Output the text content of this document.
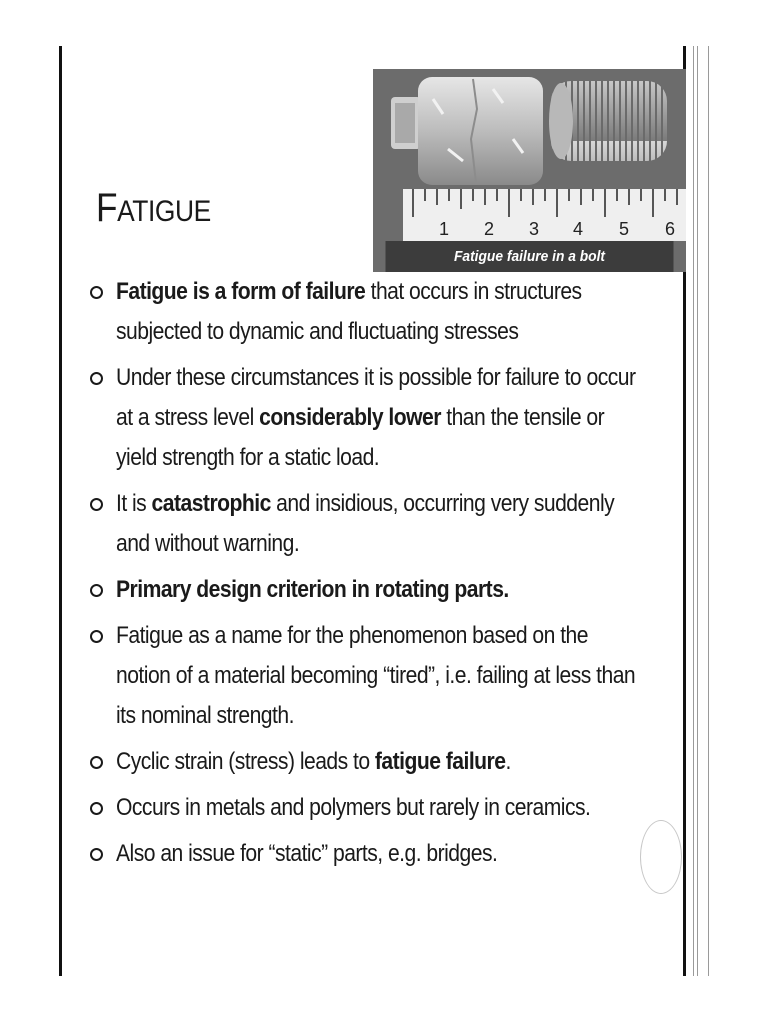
FATIGUE
1 2 3 4 5 6
Fatigue failure in a bolt
Fatigue is a form of failure that occurs in structures subjected to dynamic and fluctuating stresses
Under these circumstances it is possible for failure to occur at a stress level considerably lower than the tensile or yield strength for a static load.
It is catastrophic and insidious, occurring very suddenly and without warning.
Primary design criterion in rotating parts.
Fatigue as a name for the phenomenon based on the notion of a material becoming “tired”, i.e. failing at less than its nominal strength.
Cyclic strain (stress) leads to fatigue failure.
Occurs in metals and polymers but rarely in ceramics.
Also an issue for “static” parts, e.g. bridges.
